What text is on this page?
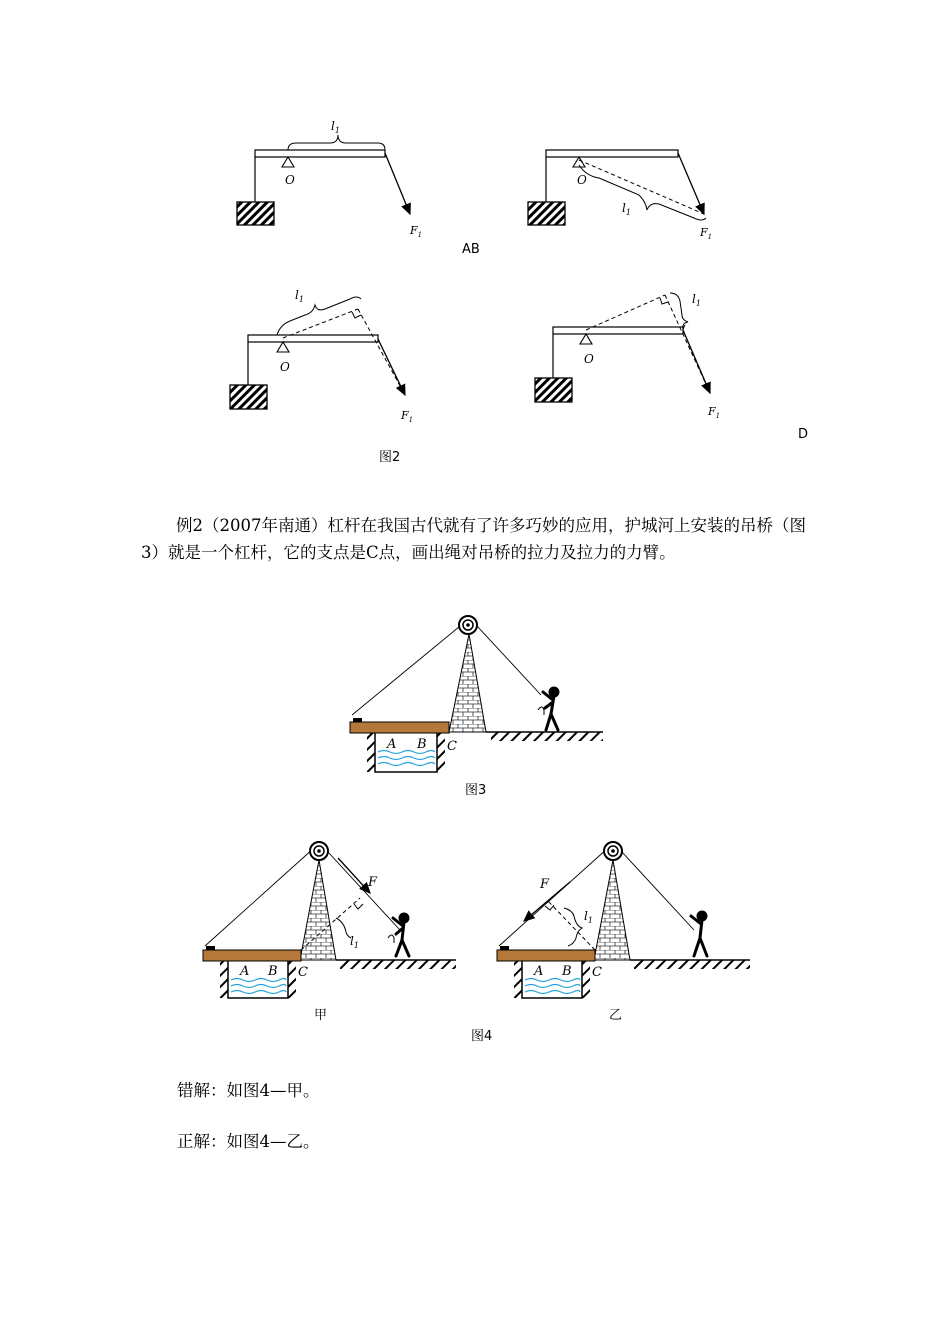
O
$l_1$
$F_1$
O
$l_1$
$F_1$
AB
O
$l_1$
$F_1$
O
$l_1$
$F_1$
D
图2
例2（2007年南通）杠杆在我国古代就有了许多巧妙的应用，护城河上安装的吊桥（图3）就是一个杠杆，它的支点是C点，画出绳对吊桥的拉力及拉力的力臂。
A B C
图3
A B C
F
$l_1$
A B C
F
$l_1$
甲	乙
图4
错解：如图4—甲。
正解：如图4—乙。
